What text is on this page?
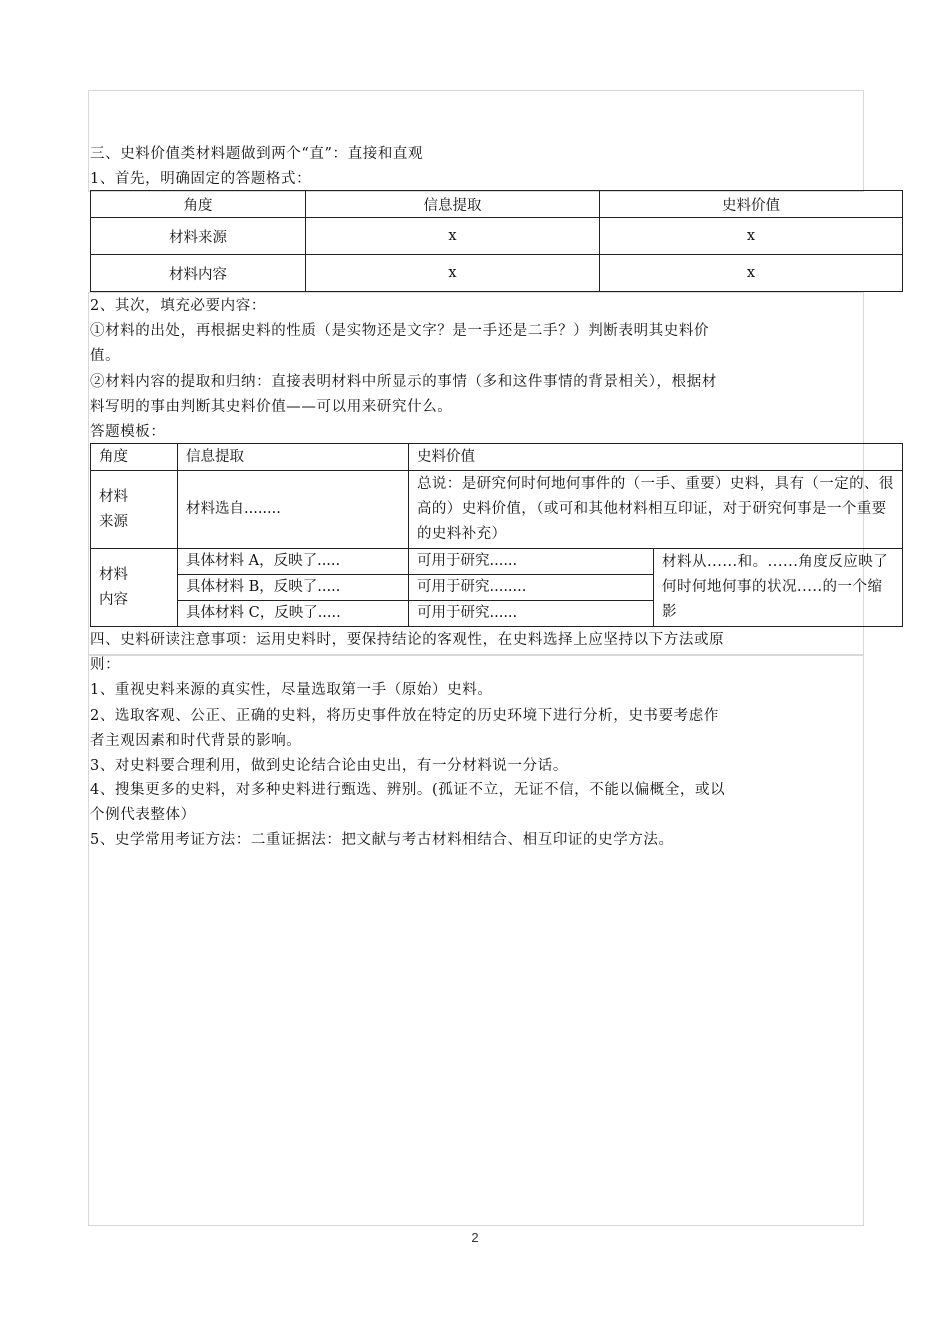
三、史料价值类材料题做到两个“直”：直接和直观
1、首先，明确固定的答题格式：
角度	信息提取	史料价值
材料来源	x	x
材料内容	x	x
2、其次，填充必要内容：
①材料的出处，再根据史料的性质（是实物还是文字？是一手还是二手？）判断表明其史料价
值。
②材料内容的提取和归纳：直接表明材料中所显示的事情（多和这件事情的背景相关），根据材
料写明的事由判断其史料价值——可以用来研究什么。
答题模板：
角度	信息提取	史料价值	
材料
来源	材料选自........	总说：是研究何时何地何事件的（一手、重要）史料，具有（一定的、很高的）史料价值，（或可和其他材料相互印证，对于研究何事是一个重要的史料补充）	
材料
内容	具体材料 A，反映了.....	可用于研究......	材料从......和。......角度反应映了何时何地何事的状况.....的一个缩影
	具体材料 B，反映了.....	可用于研究........	
	具体材料 C，反映了.....	可用于研究......	
四、史料研读注意事项：运用史料时，要保持结论的客观性，在史料选择上应坚持以下方法或原
则：
1、重视史料来源的真实性，尽量选取第一手（原始）史料。
2、选取客观、公正、正确的史料，将历史事件放在特定的历史环境下进行分析，史书要考虑作
者主观因素和时代背景的影响。
3、对史料要合理利用，做到史论结合论由史出，有一分材料说一分话。
4、搜集更多的史料，对多种史料进行甄选、辨别。(孤证不立，无证不信，不能以偏概全，或以
个例代表整体）
5、史学常用考证方法：二重证据法：把文献与考古材料相结合、相互印证的史学方法。
2
